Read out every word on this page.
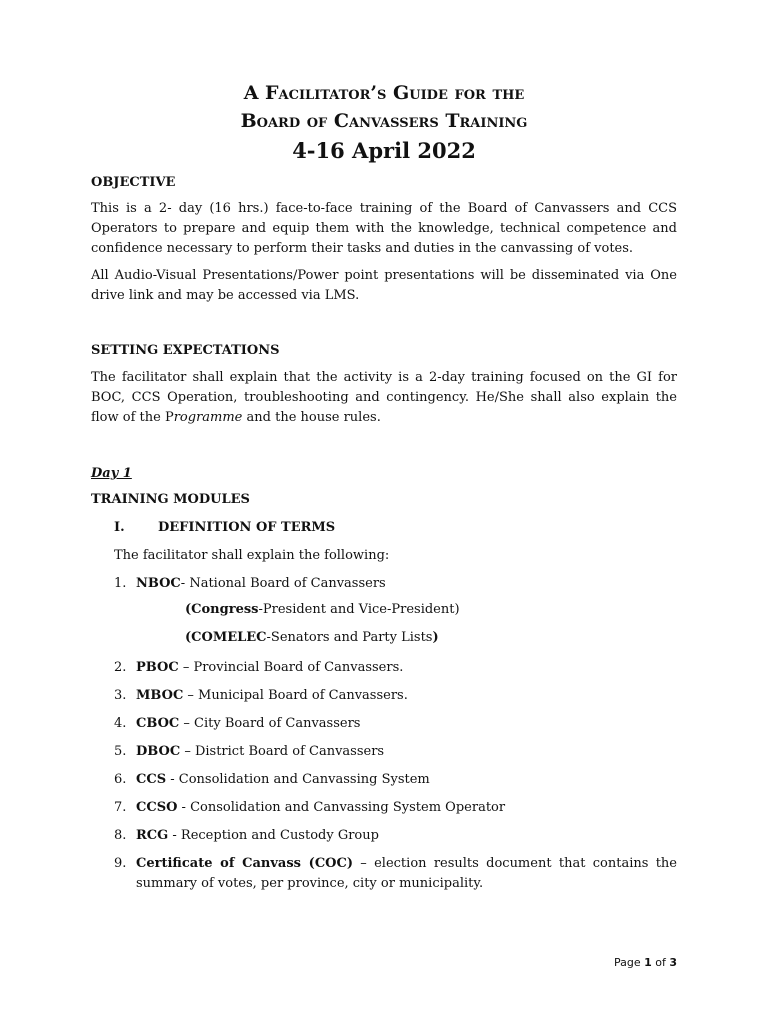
A Facilitator’s Guide for the
Board of Canvassers Training
4-16 April 2022
OBJECTIVE
This is a 2- day (16 hrs.) face-to-face training of the Board of Canvassers and CCS Operators to prepare and equip them with the knowledge, technical competence and confidence necessary to perform their tasks and duties in the canvassing of votes.
All Audio-Visual Presentations/Power point presentations will be disseminated via One drive link and may be accessed via LMS.
SETTING EXPECTATIONS
The facilitator shall explain that the activity is a 2-day training focused on the GI for BOC, CCS Operation, troubleshooting and contingency. He/She shall also explain the flow of the Programme and the house rules.
Day 1
TRAINING MODULES
I.	DEFINITION OF TERMS
The facilitator shall explain the following:
1. NBOC- National Board of Canvassers
(Congress-President and Vice-President)
(COMELEC-Senators and Party Lists)
2. PBOC – Provincial Board of Canvassers.
3. MBOC – Municipal Board of Canvassers.
4. CBOC – City Board of Canvassers
5. DBOC – District Board of Canvassers
6. CCS - Consolidation and Canvassing System
7. CCSO - Consolidation and Canvassing System Operator
8. RCG - Reception and Custody Group
9. Certificate of Canvass (COC) – election results document that contains the summary of votes, per province, city or municipality.
Page 1 of 3
